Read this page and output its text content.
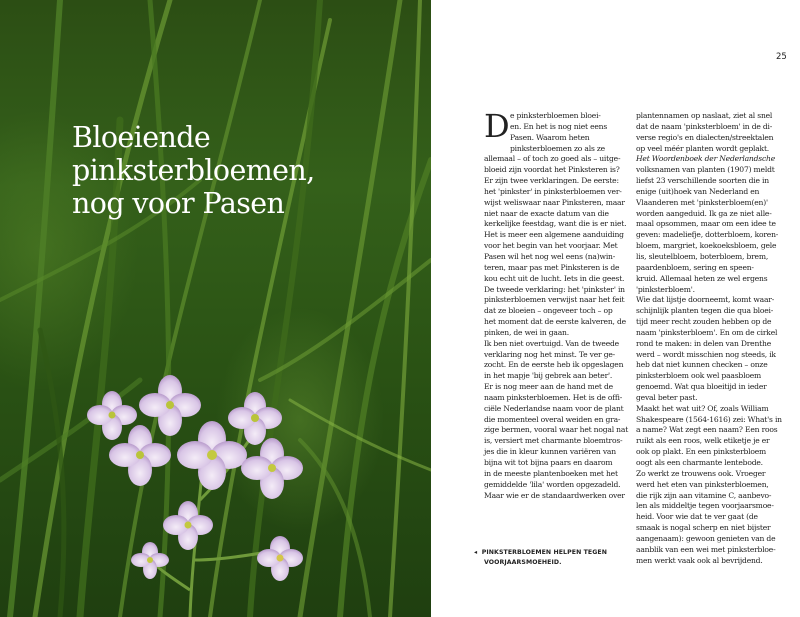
Bloeiende
pinksterbloemen,
nog voor Pasen
25
D e pinksterbloemen bloei-

en. En het is nog niet eens

Pasen. Waarom heten

pinksterbloemen zo als ze

allemaal – of toch zo goed als – uitge-

bloeid zijn voordat het Pinksteren is?

Er zijn twee verklaringen. De eerste:

het 'pinkster' in pinksterbloemen ver-

wijst weliswaar naar Pinksteren, maar

niet naar de exacte datum van die

kerkelijke feestdag, want die is er niet.

Het is meer een algemene aanduiding

voor het begin van het voorjaar. Met

Pasen wil het nog wel eens (na)win-

teren, maar pas met Pinksteren is de

kou echt uit de lucht. Iets in die geest.

De tweede verklaring: het 'pinkster' in

pinksterbloemen verwijst naar het feit

dat ze bloeien – ongeveer toch – op

het moment dat de eerste kalveren, de

pinken, de wei in gaan.

Ik ben niet overtuigd. Van de tweede

verklaring nog het minst. Te ver ge-

zocht. En de eerste heb ik opgeslagen

in het mapje 'bij gebrek aan beter'.

Er is nog meer aan de hand met de

naam pinksterbloemen. Het is de offi-

ciële Nederlandse naam voor de plant

die momenteel overal weiden en gra-

zige bermen, vooral waar het nogal nat

is, versiert met charmante bloemtros-

jes die in kleur kunnen variëren van

bijna wit tot bijna paars en daarom

in de meeste plantenboeken met het

gemiddelde 'lila' worden opgezadeld.

Maar wie er de standaardwerken over

plantennamen op naslaat, ziet al snel

dat de naam 'pinksterbloem' in de di-

verse regio's en dialecten/streektalen

op veel méér planten wordt geplakt.

Het Woordenboek der Nederlandsche

volksnamen van planten (1907) meldt

liefst 23 verschillende soorten die in

enige (uit)hoek van Nederland en

Vlaanderen met 'pinksterbloem(en)'

worden aangeduid. Ik ga ze niet alle-

maal opsommen, maar om een idee te

geven: madeliefje, dotterbloem, koren-

bloem, margriet, koekoeksbloem, gele

lis, sleutelbloem, boterbloem, brem,

paardenbloem, sering en speen-

kruid. Allemaal heten ze wel ergens

'pinksterbloem'.

Wie dat lijstje doorneemt, komt waar-

schijnlijk planten tegen die qua bloei-

tijd meer recht zouden hebben op de

naam 'pinksterbloem'. En om de cirkel

rond te maken: in delen van Drenthe

werd – wordt misschien nog steeds, ik

heb dat niet kunnen checken – onze

pinksterbloem ook wel paasbloem

genoemd. Wat qua bloeitijd in ieder

geval beter past.

Maakt het wat uit? Of, zoals William

Shakespeare (1564-1616) zei: What's in

a name? Wat zegt een naam? Een roos

ruikt als een roos, welk etiketje je er

ook op plakt. En een pinksterbloem

oogt als een charmante lentebode.

Zo werkt ze trouwens ook. Vroeger

werd het eten van pinksterbloemen,

die rijk zijn aan vitamine C, aanbevo-

len als middeltje tegen voorjaarsmoe-

heid. Voor wie dat te ver gaat (de

smaak is nogal scherp en niet bijster

aangenaam): gewoon genieten van de

aanblik van een wei met pinksterbloe-

men werkt vaak ook al bevrijdend.

◂ PINKSTERBLOEMEN HELPEN TEGEN

VOORJAARSMOEHEID.
